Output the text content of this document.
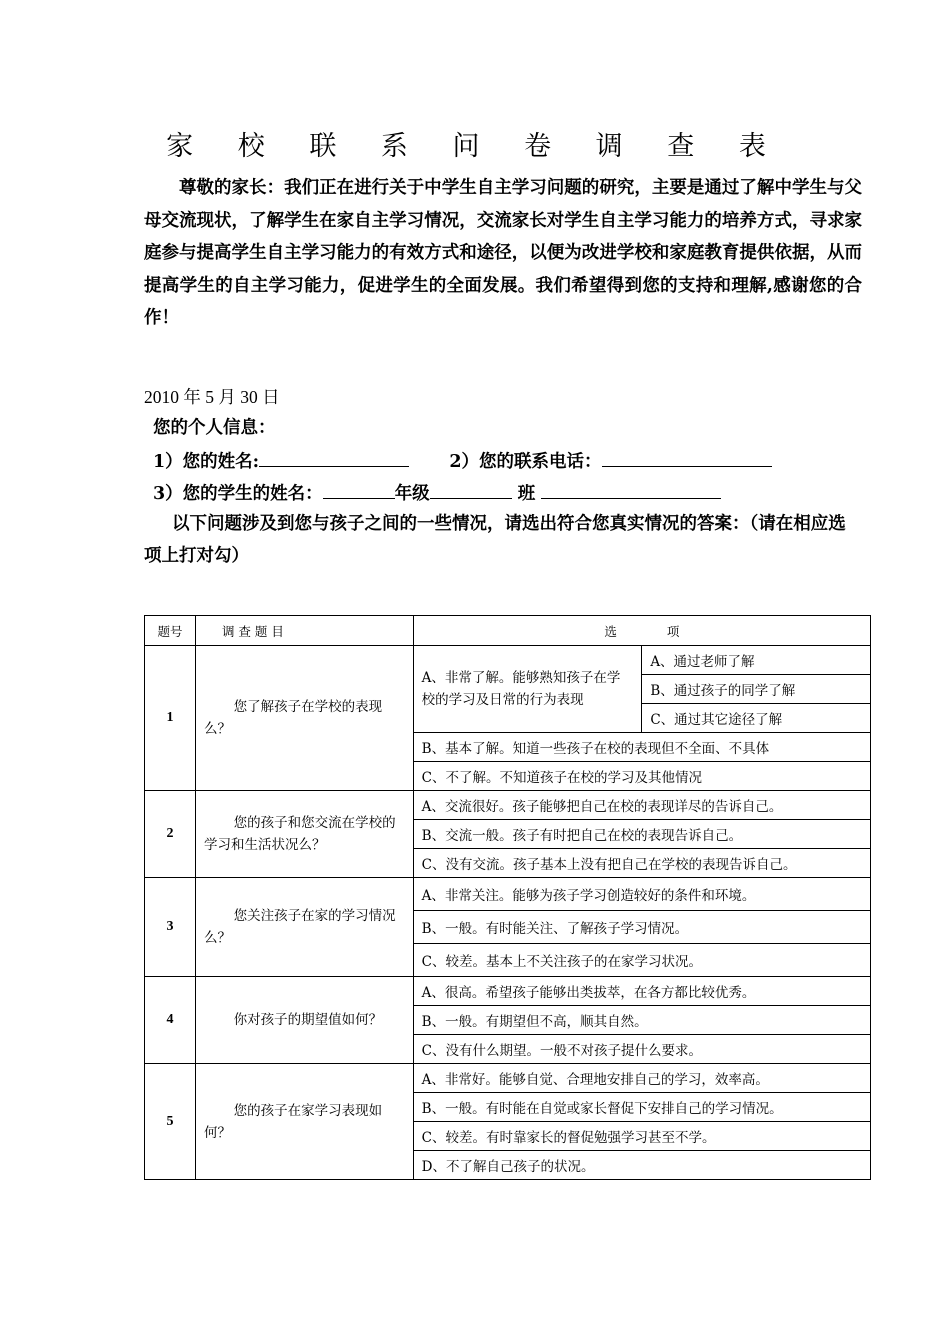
家 校 联 系 问 卷 调 查 表

尊敬的家长：我们正在进行关于中学生自主学习问题的研究，主要是通过了解中学生与父母交流现状，了解学生在家自主学习情况，交流家长对学生自主学习能力的培养方式，寻求家庭参与提高学生自主学习能力的有效方式和途径，以便为改进学校和家庭教育提供依据，从而提高学生的自主学习能力，促进学生的全面发展。我们希望得到您的支持和理解,感谢您的合作！

2010 年 5 月 30 日
您的个人信息：
1）您的姓名:	2）您的联系电话：
3）您的学生的姓名：	年级	班

以下问题涉及到您与孩子之间的一些情况，请选出符合您真实情况的答案：（请在相应选项上打对勾）

题号	调 查 题 目	选　　　　项	
1	您了解孩子在学校的表现么？	A、非常了解。能够熟知孩子在学校的学习及日常的行为表现	A、通过老师了解
			B、通过孩子的同学了解
			C、通过其它途径了解
		B、基本了解。知道一些孩子在校的表现但不全面、不具体	
		C、不了解。不知道孩子在校的学习及其他情况	
2	您的孩子和您交流在学校的学习和生活状况么？	A、交流很好。孩子能够把自己在校的表现详尽的告诉自己。	
		B、交流一般。孩子有时把自己在校的表现告诉自己。	
		C、没有交流。孩子基本上没有把自己在学校的表现告诉自己。	
3	您关注孩子在家的学习情况么？	A、非常关注。能够为孩子学习创造较好的条件和环境。	
		B、一般。有时能关注、了解孩子学习情况。	
		C、较差。基本上不关注孩子的在家学习状况。	
4	你对孩子的期望值如何？	A、很高。希望孩子能够出类拔萃，在各方都比较优秀。	
		B、一般。有期望但不高，顺其自然。	
		C、没有什么期望。一般不对孩子提什么要求。	
5	您的孩子在家学习表现如何？	A、非常好。能够自觉、合理地安排自己的学习，效率高。	
		B、一般。有时能在自觉或家长督促下安排自己的学习情况。	
		C、较差。有时靠家长的督促勉强学习甚至不学。	
		D、不了解自己孩子的状况。	
